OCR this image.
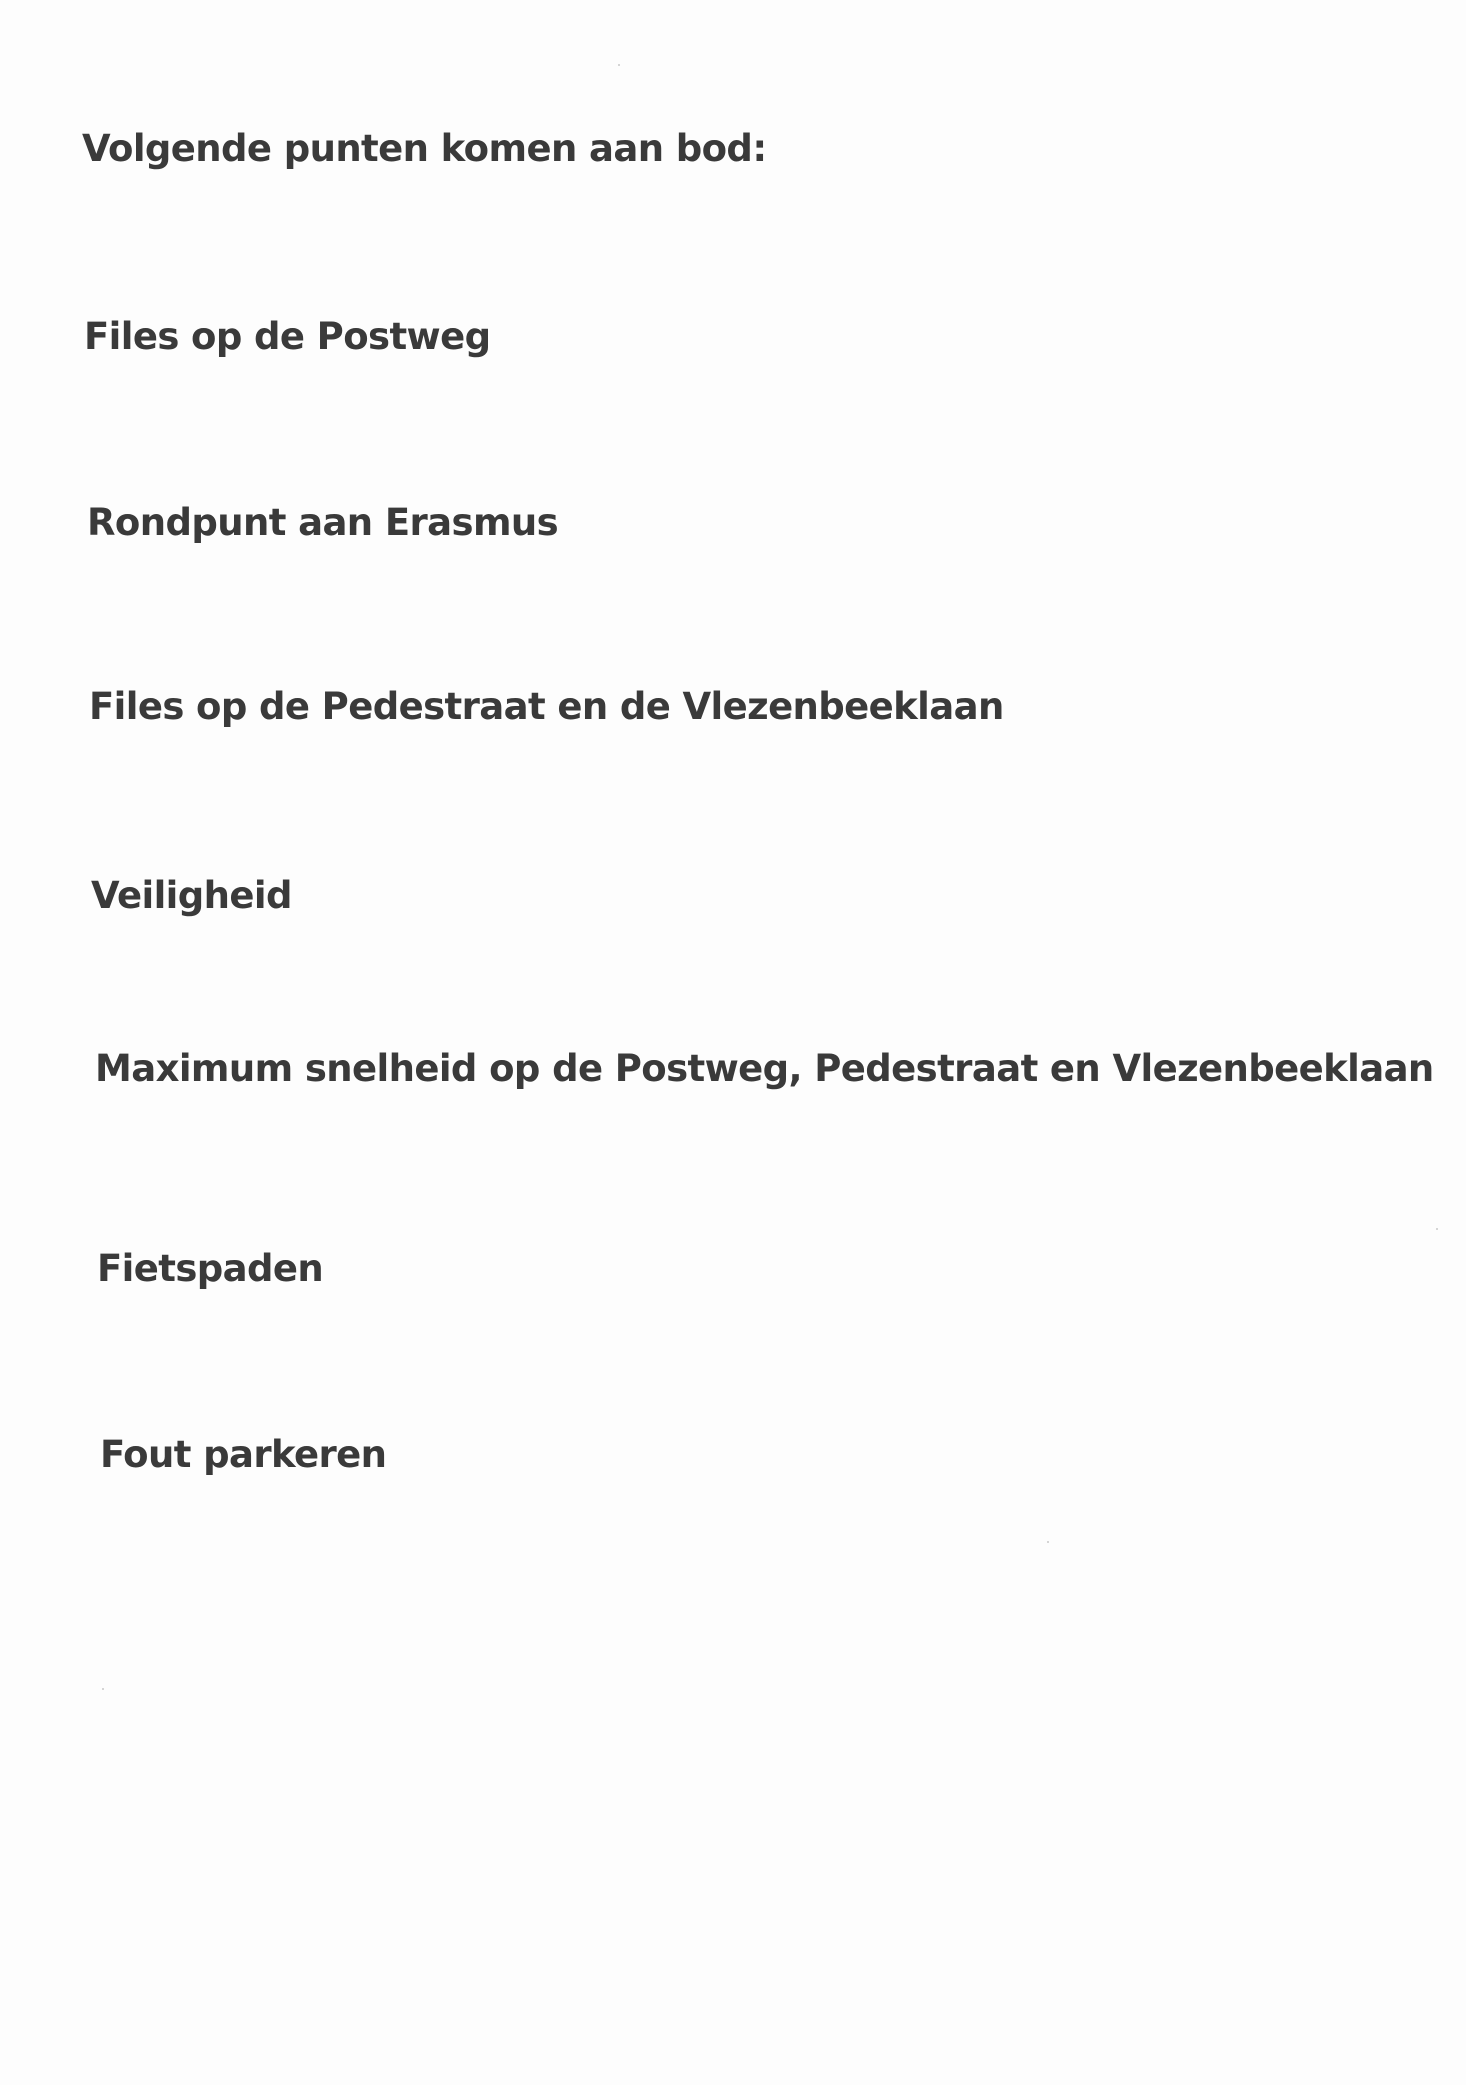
Volgende punten komen aan bod:

Files op de Postweg

Rondpunt aan Erasmus

Files op de Pedestraat en de Vlezenbeeklaan

Veiligheid

Maximum snelheid op de Postweg, Pedestraat en Vlezenbeeklaan

Fietspaden

Fout parkeren
